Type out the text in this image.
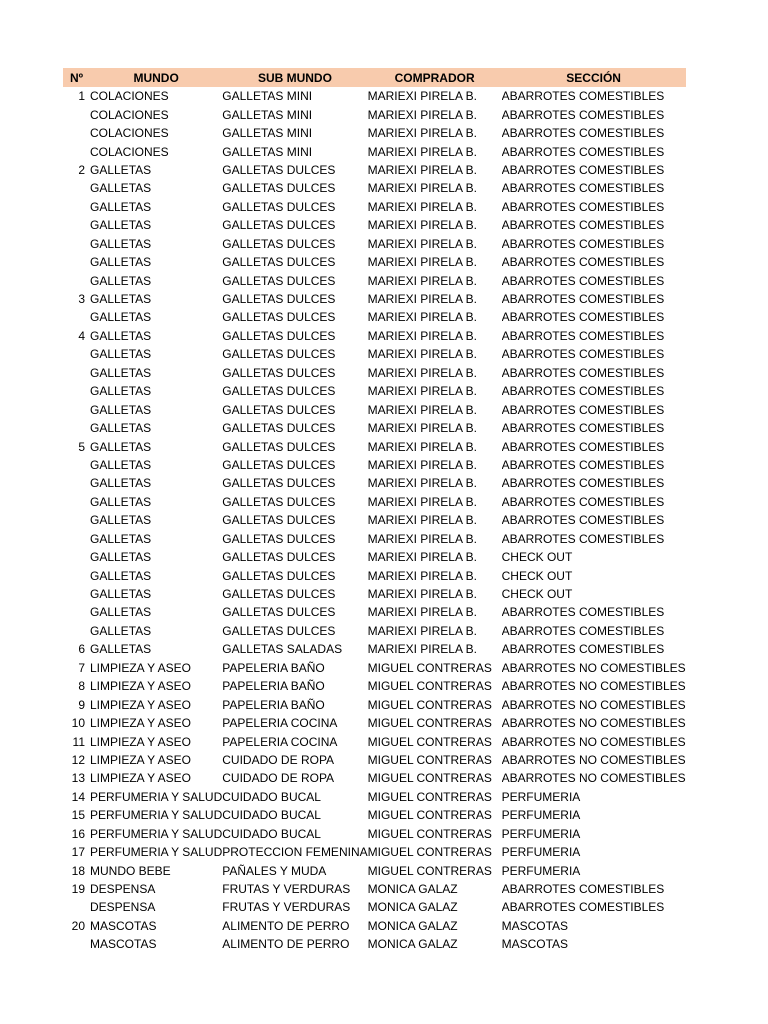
Nº	MUNDO	SUB MUNDO	COMPRADOR	SECCIÓN
1	COLACIONES	GALLETAS MINI	MARIEXI PIRELA B.	ABARROTES COMESTIBLES
	COLACIONES	GALLETAS MINI	MARIEXI PIRELA B.	ABARROTES COMESTIBLES
	COLACIONES	GALLETAS MINI	MARIEXI PIRELA B.	ABARROTES COMESTIBLES
	COLACIONES	GALLETAS MINI	MARIEXI PIRELA B.	ABARROTES COMESTIBLES
2	GALLETAS	GALLETAS DULCES	MARIEXI PIRELA B.	ABARROTES COMESTIBLES
	GALLETAS	GALLETAS DULCES	MARIEXI PIRELA B.	ABARROTES COMESTIBLES
	GALLETAS	GALLETAS DULCES	MARIEXI PIRELA B.	ABARROTES COMESTIBLES
	GALLETAS	GALLETAS DULCES	MARIEXI PIRELA B.	ABARROTES COMESTIBLES
	GALLETAS	GALLETAS DULCES	MARIEXI PIRELA B.	ABARROTES COMESTIBLES
	GALLETAS	GALLETAS DULCES	MARIEXI PIRELA B.	ABARROTES COMESTIBLES
	GALLETAS	GALLETAS DULCES	MARIEXI PIRELA B.	ABARROTES COMESTIBLES
3	GALLETAS	GALLETAS DULCES	MARIEXI PIRELA B.	ABARROTES COMESTIBLES
	GALLETAS	GALLETAS DULCES	MARIEXI PIRELA B.	ABARROTES COMESTIBLES
4	GALLETAS	GALLETAS DULCES	MARIEXI PIRELA B.	ABARROTES COMESTIBLES
	GALLETAS	GALLETAS DULCES	MARIEXI PIRELA B.	ABARROTES COMESTIBLES
	GALLETAS	GALLETAS DULCES	MARIEXI PIRELA B.	ABARROTES COMESTIBLES
	GALLETAS	GALLETAS DULCES	MARIEXI PIRELA B.	ABARROTES COMESTIBLES
	GALLETAS	GALLETAS DULCES	MARIEXI PIRELA B.	ABARROTES COMESTIBLES
	GALLETAS	GALLETAS DULCES	MARIEXI PIRELA B.	ABARROTES COMESTIBLES
5	GALLETAS	GALLETAS DULCES	MARIEXI PIRELA B.	ABARROTES COMESTIBLES
	GALLETAS	GALLETAS DULCES	MARIEXI PIRELA B.	ABARROTES COMESTIBLES
	GALLETAS	GALLETAS DULCES	MARIEXI PIRELA B.	ABARROTES COMESTIBLES
	GALLETAS	GALLETAS DULCES	MARIEXI PIRELA B.	ABARROTES COMESTIBLES
	GALLETAS	GALLETAS DULCES	MARIEXI PIRELA B.	ABARROTES COMESTIBLES
	GALLETAS	GALLETAS DULCES	MARIEXI PIRELA B.	ABARROTES COMESTIBLES
	GALLETAS	GALLETAS DULCES	MARIEXI PIRELA B.	CHECK OUT
	GALLETAS	GALLETAS DULCES	MARIEXI PIRELA B.	CHECK OUT
	GALLETAS	GALLETAS DULCES	MARIEXI PIRELA B.	CHECK OUT
	GALLETAS	GALLETAS DULCES	MARIEXI PIRELA B.	ABARROTES COMESTIBLES
	GALLETAS	GALLETAS DULCES	MARIEXI PIRELA B.	ABARROTES COMESTIBLES
6	GALLETAS	GALLETAS SALADAS	MARIEXI PIRELA B.	ABARROTES COMESTIBLES
7	LIMPIEZA Y ASEO	PAPELERIA BAÑO	MIGUEL CONTRERAS	ABARROTES NO COMESTIBLES
8	LIMPIEZA Y ASEO	PAPELERIA BAÑO	MIGUEL CONTRERAS	ABARROTES NO COMESTIBLES
9	LIMPIEZA Y ASEO	PAPELERIA BAÑO	MIGUEL CONTRERAS	ABARROTES NO COMESTIBLES
10	LIMPIEZA Y ASEO	PAPELERIA COCINA	MIGUEL CONTRERAS	ABARROTES NO COMESTIBLES
11	LIMPIEZA Y ASEO	PAPELERIA COCINA	MIGUEL CONTRERAS	ABARROTES NO COMESTIBLES
12	LIMPIEZA Y ASEO	CUIDADO DE ROPA	MIGUEL CONTRERAS	ABARROTES NO COMESTIBLES
13	LIMPIEZA Y ASEO	CUIDADO DE ROPA	MIGUEL CONTRERAS	ABARROTES NO COMESTIBLES
14	PERFUMERIA Y SALUD	CUIDADO BUCAL	MIGUEL CONTRERAS	PERFUMERIA
15	PERFUMERIA Y SALUD	CUIDADO BUCAL	MIGUEL CONTRERAS	PERFUMERIA
16	PERFUMERIA Y SALUD	CUIDADO BUCAL	MIGUEL CONTRERAS	PERFUMERIA
17	PERFUMERIA Y SALUD	PROTECCION FEMENINA	MIGUEL CONTRERAS	PERFUMERIA
18	MUNDO BEBE	PAÑALES Y MUDA	MIGUEL CONTRERAS	PERFUMERIA
19	DESPENSA	FRUTAS Y VERDURAS	MONICA GALAZ	ABARROTES COMESTIBLES
	DESPENSA	FRUTAS Y VERDURAS	MONICA GALAZ	ABARROTES COMESTIBLES
20	MASCOTAS	ALIMENTO DE PERRO	MONICA GALAZ	MASCOTAS
	MASCOTAS	ALIMENTO DE PERRO	MONICA GALAZ	MASCOTAS
